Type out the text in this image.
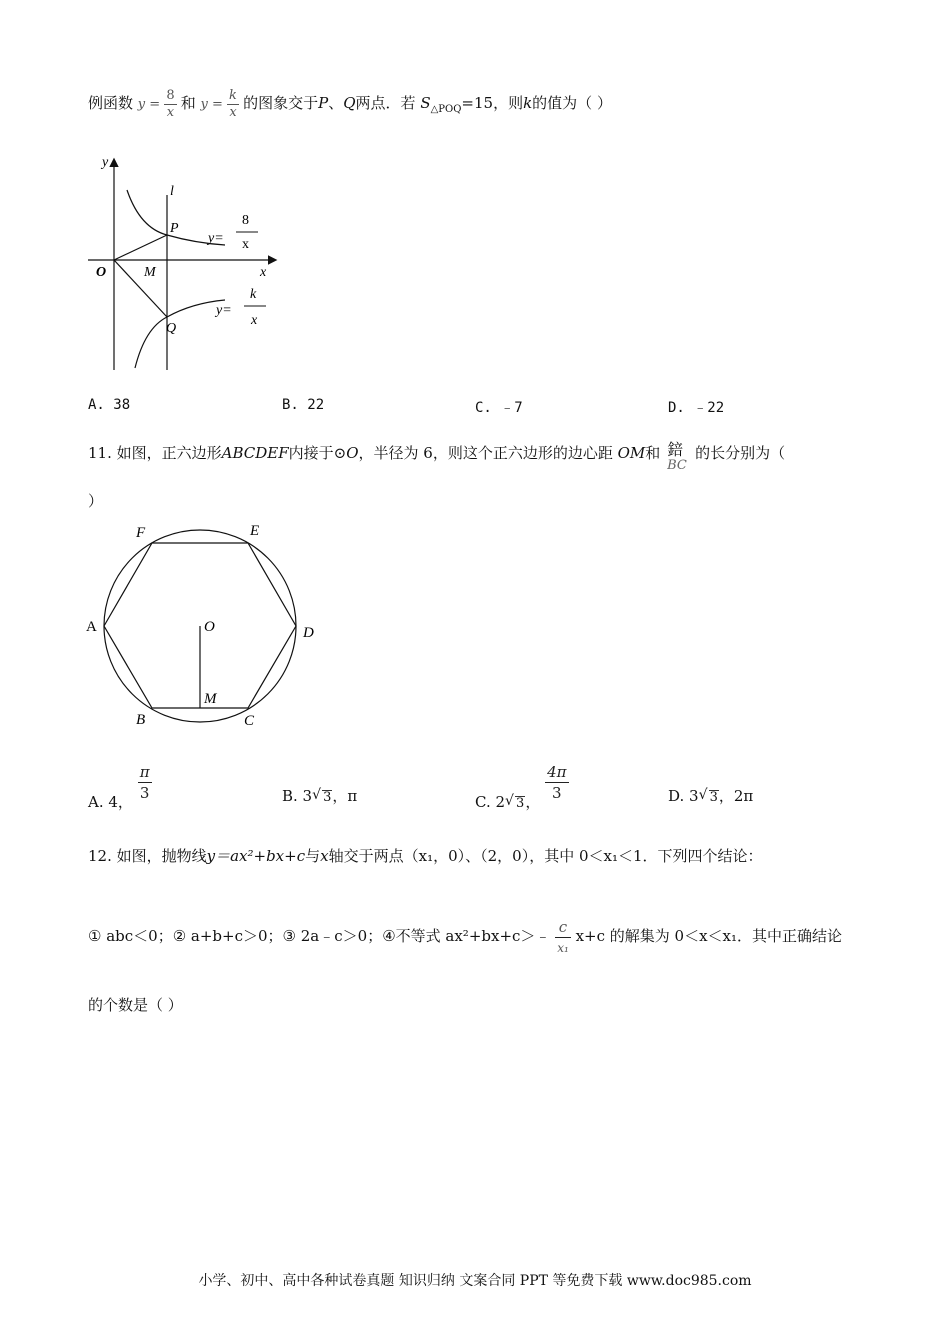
例函数 $y = \frac{8}{x}$ 和 $y = \frac{k}{x}$ 的图象交于P、Q两点．若 $S_{\triangle POQ}=15$，则k的值为（ ）
y
x
l
O	M
P
Q
y=
8
x
y=
k
x
A. 38	B. 22	C. ﹣7	D. ﹣22
11. 如图，正六边形ABCDEF内接于⊙O，半径为 6，则这个正六边形的边心距 OM和 錇
BC
的长分别为（
）
F	E
A	D
O
M
B	C
A. 4， $\frac{\pi}{3}$	B. 3 √ 3，π	C. 2 √ 3， $\frac{4\pi}{3}$	D. 3 √ 3，2π
12. 如图，抛物线y＝ax²+bx+c与x轴交于两点（x₁，0）、（2，0），其中 0＜x₁＜1．下列四个结论：
① abc＜0；② a+b+c＞0；③ 2a﹣c＞0；④不等式 ax²+bx+c＞﹣ $\frac{c}{\text{x₁}} x+c$ 的解集为 0＜x＜x₁．其中正确结论
的个数是（ ）
小学、初中、高中各种试卷真题 知识归纳 文案合同 PPT 等免费下载 www.doc985.com
